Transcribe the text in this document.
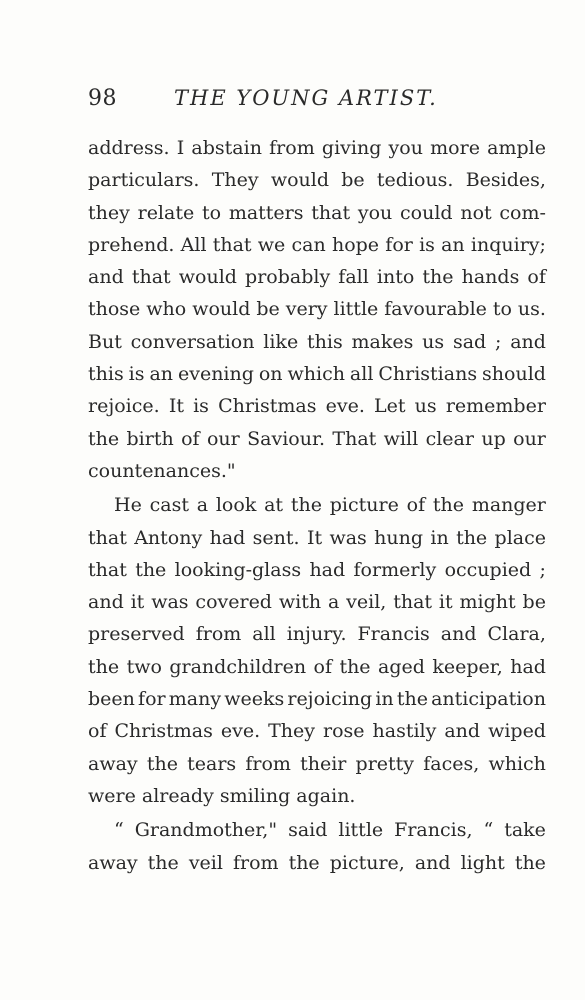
98	THE YOUNG ARTIST.
address. I abstain from giving you more ample
particulars. They would be tedious. Besides,
they relate to matters that you could not com-
prehend. All that we can hope for is an inquiry;
and that would probably fall into the hands of
those who would be very little favourable to us.
But conversation like this makes us sad ; and
this is an evening on which all Christians should
rejoice. It is Christmas eve. Let us remember
the birth of our Saviour. That will clear up our
countenances."
He cast a look at the picture of the manger
that Antony had sent. It was hung in the place
that the looking-glass had formerly occupied ;
and it was covered with a veil, that it might be
preserved from all injury. Francis and Clara,
the two grandchildren of the aged keeper, had
been for many weeks rejoicing in the anticipation
of Christmas eve. They rose hastily and wiped
away the tears from their pretty faces, which
were already smiling again.
“ Grandmother," said little Francis, “ take
away the veil from the picture, and light the
